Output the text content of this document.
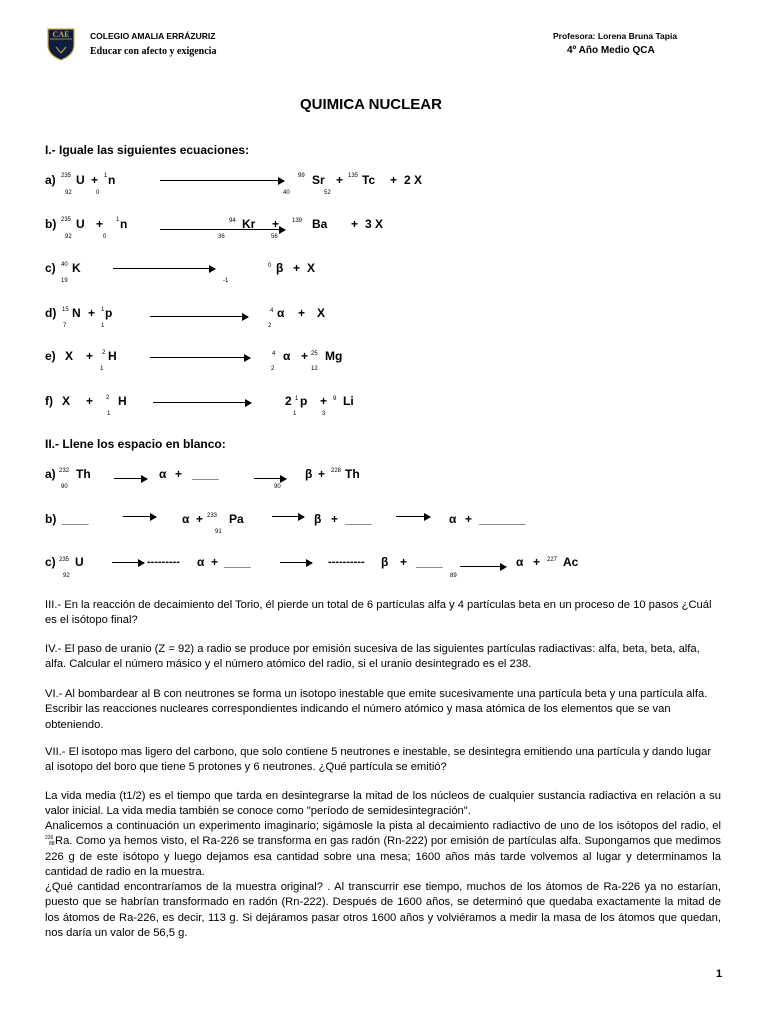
CAE	COLEGIO AMALIA ERRÁZURIZ
Educar con afecto y exigencia
Profesora: Lorena Bruna Tapia
4º Año Medio QCA
QUIMICA NUCLEAR
I.- Iguale las siguientes ecuaciones:
a) 235 U
92
+ 1 n
0
99 Sr
40
+ 135 Tc
52
+ 2 X
b) 235 U
92
+ 1 n
0
94 Kr
36
+ 139 Ba
56
+ 3 X
c) 40 K
19
0 β
-1
+ X
d) 15 N
7
+ 1 p
1
4 α
2
+ X
e) X + 2 H
1
4 α
2
+ 25 Mg
12
f) X + 2 H
1
2 1 p
1
+ 9 Li
3
II.- Llene los espacio en blanco:
a) 232 Th
90
→ α + ____
90
β + 228 Th
b) ____	α + 233 Pa
91
→ β + ____ → α + _______
c) 235 U
92
→ --------- α + ____ → ---------- β + ____
89
→ α + 227 Ac
III.- En la reacción de decaimiento del Torio, él pierde un total de 6 partículas alfa y 4 partículas beta en un proceso de 10 pasos ¿Cuál es el isótopo final?
IV.- El paso de uranio (Z = 92) a radio se produce por emisión sucesiva de las siguientes partículas radiactivas: alfa, beta, beta, alfa, alfa. Calcular el número másico y el número atómico del radio, si el uranio desintegrado es el 238.
VI.- Al bombardear al B con neutrones se forma un isotopo inestable que emite sucesivamente una partícula beta y una partícula alfa. Escribir las reacciones nucleares correspondientes indicando el número atómico y masa atómica de los elementos que se van obteniendo.
VII.- El isotopo mas ligero del carbono, que solo contiene 5 neutrones e inestable, se desintegra emitiendo una partícula y dando lugar al isotopo del boro que tiene 5 protones y 6 neutrones. ¿Qué partícula se emitió?
La vida media (t1/2) es el tiempo que tarda en desintegrarse la mitad de los núcleos de cualquier sustancia radiactiva en relación a su valor inicial. La vida media también se conoce como "período de semidesintegración".
Analicemos a continuación un experimento imaginario; sigámosle la pista al decaimiento radiactivo de uno de los isótopos del radio, el
226
88 Ra. Como ya hemos visto, el Ra-226 se transforma en gas radón (Rn-222) por emisión de partículas alfa. Supongamos que medimos 226 g de este isótopo y luego dejamos esa cantidad sobre una mesa; 1600 años más tarde volvemos al lugar y determinamos la cantidad de radio en la muestra.
¿Qué cantidad encontraríamos de la muestra original? . Al transcurrir ese tiempo, muchos de los átomos de Ra-226 ya no estarían, puesto que se habrían transformado en radón (Rn-222). Después de 1600 años, se determinó que quedaba exactamente la mitad de los átomos de Ra-226, es decir, 113 g. Si dejáramos pasar otros 1600 años y volviéramos a medir la masa de los átomos que quedan, nos daría un valor de 56,5 g.
1
